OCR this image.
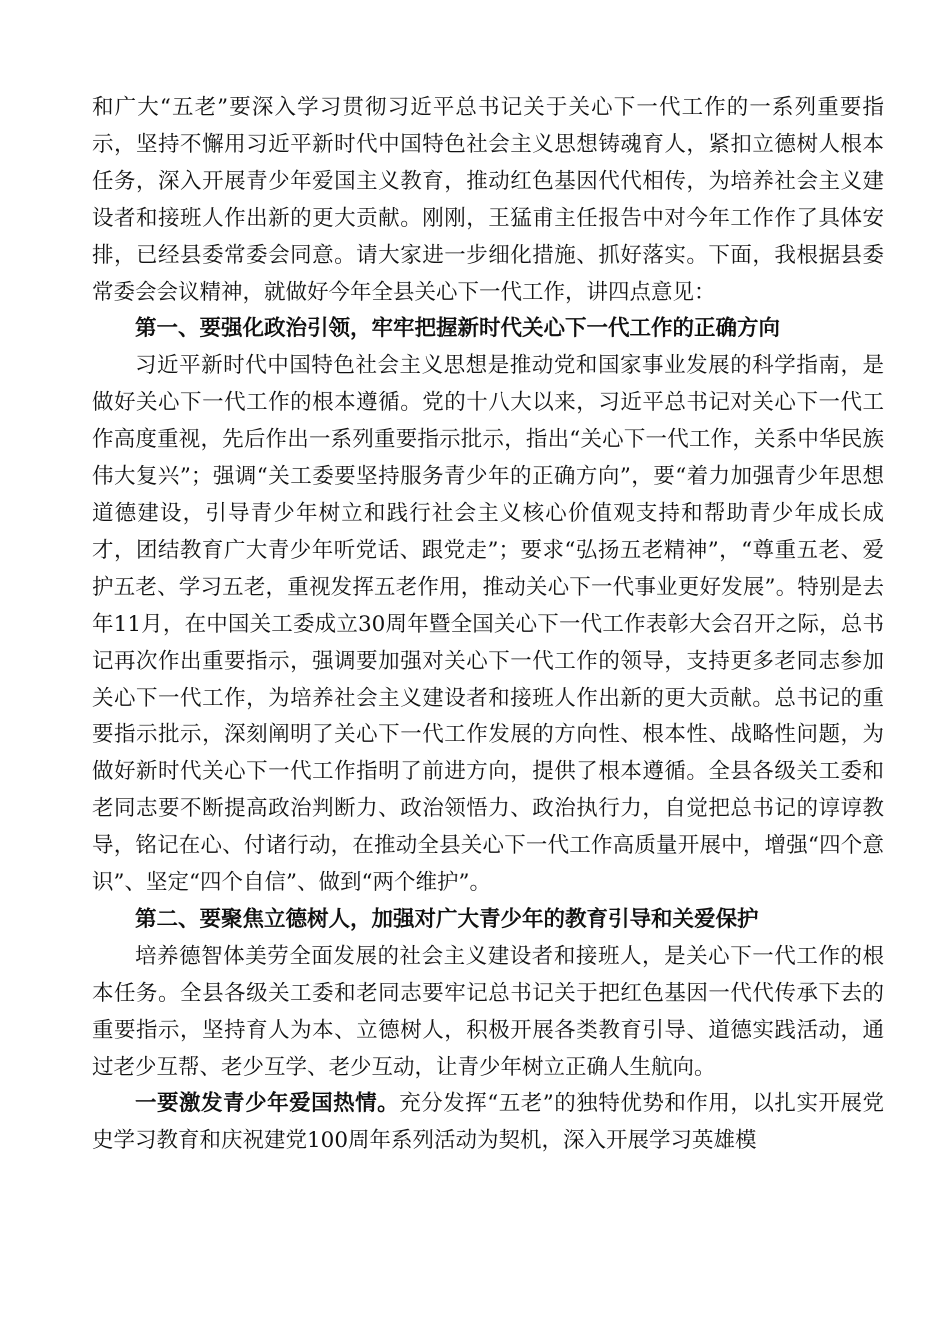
和广大“五老”要深入学习贯彻习近平总书记关于关心下一代工作的一系列重要指示，坚持不懈用习近平新时代中国特色社会主义思想铸魂育人，紧扣立德树人根本任务，深入开展青少年爱国主义教育，推动红色基因代代相传，为培养社会主义建设者和接班人作出新的更大贡献。刚刚，王猛甫主任报告中对今年工作作了具体安排，已经县委常委会同意。请大家进一步细化措施、抓好落实。下面，我根据县委常委会会议精神，就做好今年全县关心下一代工作，讲四点意见：

第一、要强化政治引领，牢牢把握新时代关心下一代工作的正确方向

习近平新时代中国特色社会主义思想是推动党和国家事业发展的科学指南，是做好关心下一代工作的根本遵循。党的十八大以来，习近平总书记对关心下一代工作高度重视，先后作出一系列重要指示批示，指出“关心下一代工作，关系中华民族伟大复兴”；强调“关工委要坚持服务青少年的正确方向”，要“着力加强青少年思想道德建设，引导青少年树立和践行社会主义核心价值观支持和帮助青少年成长成才，团结教育广大青少年听党话、跟党走”；要求“弘扬五老精神”，“尊重五老、爱护五老、学习五老，重视发挥五老作用，推动关心下一代事业更好发展”。特别是去年11月，在中国关工委成立30周年暨全国关心下一代工作表彰大会召开之际，总书记再次作出重要指示，强调要加强对关心下一代工作的领导，支持更多老同志参加关心下一代工作，为培养社会主义建设者和接班人作出新的更大贡献。总书记的重要指示批示，深刻阐明了关心下一代工作发展的方向性、根本性、战略性问题，为做好新时代关心下一代工作指明了前进方向，提供了根本遵循。全县各级关工委和老同志要不断提高政治判断力、政治领悟力、政治执行力，自觉把总书记的谆谆教导，铭记在心、付诸行动，在推动全县关心下一代工作高质量开展中，增强“四个意识”、坚定“四个自信”、做到“两个维护”。

第二、要聚焦立德树人，加强对广大青少年的教育引导和关爱保护

培养德智体美劳全面发展的社会主义建设者和接班人，是关心下一代工作的根本任务。全县各级关工委和老同志要牢记总书记关于把红色基因一代代传承下去的重要指示，坚持育人为本、立德树人，积极开展各类教育引导、道德实践活动，通过老少互帮、老少互学、老少互动，让青少年树立正确人生航向。

一要激发青少年爱国热情。充分发挥“五老”的独特优势和作用，以扎实开展党史学习教育和庆祝建党100周年系列活动为契机，深入开展学习英雄模
